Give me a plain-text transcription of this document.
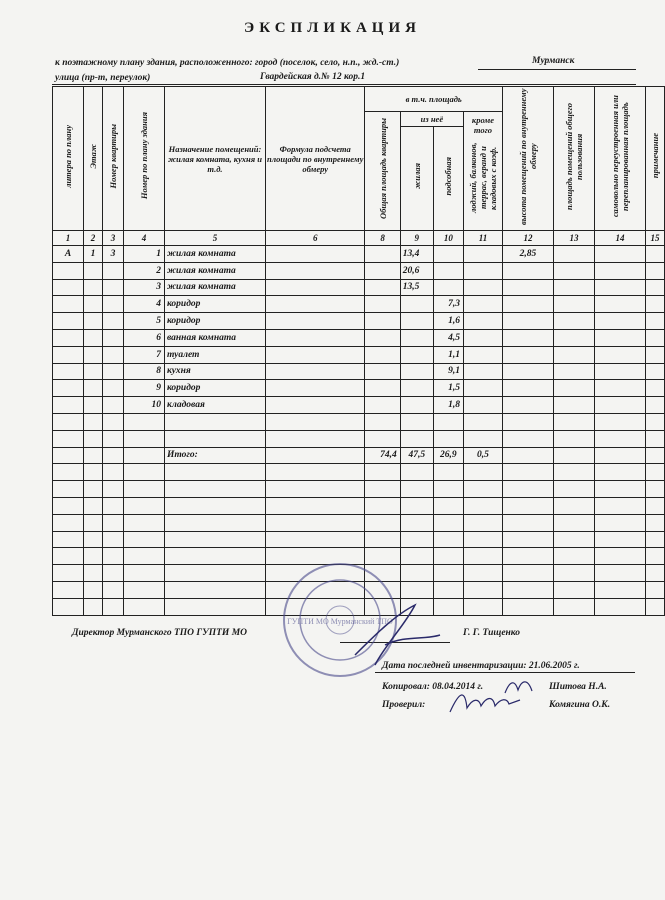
ЭКСПЛИКАЦИЯ
к поэтажному плану здания, расположенного: город (поселок, село, н.п., жд.-ст.)	Мурманск
улица (пр-т, переулок)	Гвардейская д.№ 12 кор.1
литера по плану	Этаж	Номер квартиры	Номер по плану здания	Назначение помещений: жилая комната, кухня и т.д.	Формула подсчета площади по внутреннему обмеру	в т.ч. площадь				высота помещений по внутреннему обмеру	площадь помещений общего пользования	самовольно переустроенная или перепланированная площадь	примечание
						Общая площадь квартиры	из неё		кроме того
лоджий, балконов, террас, веранд и кладовых с коэф.				
							жилая	подсобная					
1	2	3	4	5	6	8	9	10	11	12	13	14	15
А	1	3	1	жилая комната			13,4			2,85			
			2	жилая комната			20,6						
			3	жилая комната			13,5						
			4	коридор				7,3					
			5	коридор				1,6					
			6	ванная комната				4,5					
			7	туалет				1,1					
			8	кухня				9,1					
			9	коридор				1,5					
			10	кладовая				1,8					

				Итого:		74,4	47,5	26,9	0,5				

Директор Мурманского ТПО ГУПТИ МО	Г. Г. Тищенко
ГУПТИ МО Мурманский ТПО
Дата последней инвентаризации: 21.06.2005 г.
Копировал: 08.04.2014 г.	Шитова Н.А.
Проверил:	Комягина О.К.
